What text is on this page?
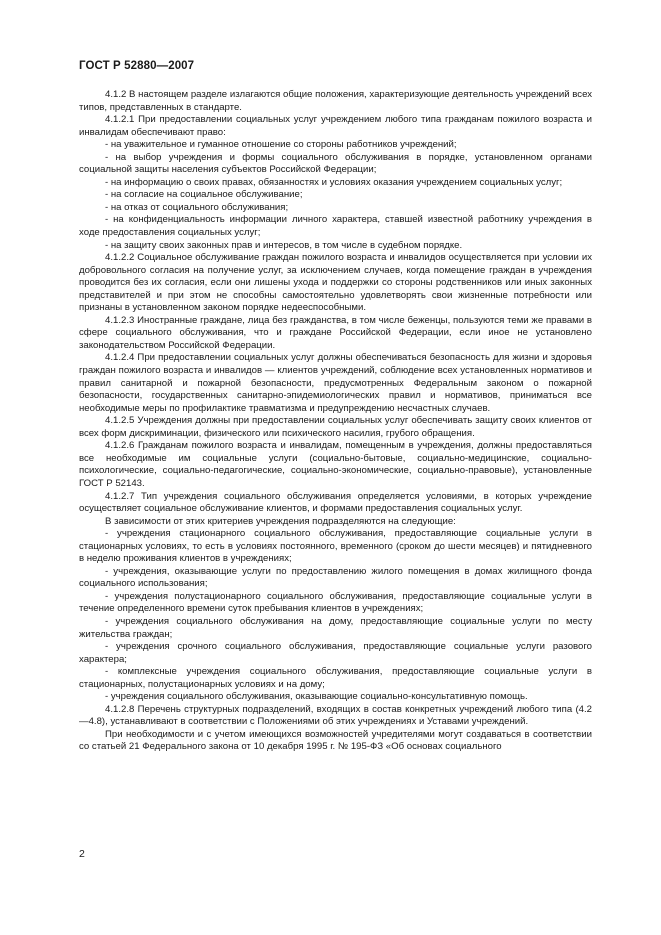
ГОСТ Р 52880—2007

4.1.2 В настоящем разделе излагаются общие положения, характеризующие деятельность учреждений всех типов, представленных в стандарте.

4.1.2.1 При предоставлении социальных услуг учреждением любого типа гражданам пожилого возраста и инвалидам обеспечивают право:

- на уважительное и гуманное отношение со стороны работников учреждений;

- на выбор учреждения и формы социального обслуживания в порядке, установленном органами социальной защиты населения субъектов Российской Федерации;

- на информацию о своих правах, обязанностях и условиях оказания учреждением социальных услуг;

- на согласие на социальное обслуживание;

- на отказ от социального обслуживания;

- на конфиденциальность информации личного характера, ставшей известной работнику учреждения в ходе предоставления социальных услуг;

- на защиту своих законных прав и интересов, в том числе в судебном порядке.

4.1.2.2 Социальное обслуживание граждан пожилого возраста и инвалидов осуществляется при условии их добровольного согласия на получение услуг, за исключением случаев, когда помещение граждан в учреждения проводится без их согласия, если они лишены ухода и поддержки со стороны родственников или иных законных представителей и при этом не способны самостоятельно удовлетворять свои жизненные потребности или признаны в установленном законом порядке недееспособными.

4.1.2.3 Иностранные граждане, лица без гражданства, в том числе беженцы, пользуются теми же правами в сфере социального обслуживания, что и граждане Российской Федерации, если иное не установлено законодательством Российской Федерации.

4.1.2.4 При предоставлении социальных услуг должны обеспечиваться безопасность для жизни и здоровья граждан пожилого возраста и инвалидов — клиентов учреждений, соблюдение всех установленных нормативов и правил санитарной и пожарной безопасности, предусмотренных Федеральным законом о пожарной безопасности, государственных санитарно-эпидемиологических правил и нормативов, приниматься все необходимые меры по профилактике травматизма и предупреждению несчастных случаев.

4.1.2.5 Учреждения должны при предоставлении социальных услуг обеспечивать защиту своих клиентов от всех форм дискриминации, физического или психического насилия, грубого обращения.

4.1.2.6 Гражданам пожилого возраста и инвалидам, помещенным в учреждения, должны предоставляться все необходимые им социальные услуги (социально-бытовые, социально-медицинские, социально-психологические, социально-педагогические, социально-экономические, социально-правовые), установленные ГОСТ Р 52143.

4.1.2.7 Тип учреждения социального обслуживания определяется условиями, в которых учреждение осуществляет социальное обслуживание клиентов, и формами предоставления социальных услуг.

В зависимости от этих критериев учреждения подразделяются на следующие:

- учреждения стационарного социального обслуживания, предоставляющие социальные услуги в стационарных условиях, то есть в условиях постоянного, временного (сроком до шести месяцев) и пятидневного в неделю проживания клиентов в учреждениях;

- учреждения, оказывающие услуги по предоставлению жилого помещения в домах жилищного фонда социального использования;

- учреждения полустационарного социального обслуживания, предоставляющие социальные услуги в течение определенного времени суток пребывания клиентов в учреждениях;

- учреждения социального обслуживания на дому, предоставляющие социальные услуги по месту жительства граждан;

- учреждения срочного социального обслуживания, предоставляющие социальные услуги разового характера;

- комплексные учреждения социального обслуживания, предоставляющие социальные услуги в стационарных, полустационарных условиях и на дому;

- учреждения социального обслуживания, оказывающие социально-консультативную помощь.

4.1.2.8 Перечень структурных подразделений, входящих в состав конкретных учреждений любого типа (4.2—4.8), устанавливают в соответствии с Положениями об этих учреждениях и Уставами учреждений.

При необходимости и с учетом имеющихся возможностей учредителями могут создаваться в соответствии со статьей 21 Федерального закона от 10 декабря 1995 г. № 195-ФЗ «Об основах социального

2
